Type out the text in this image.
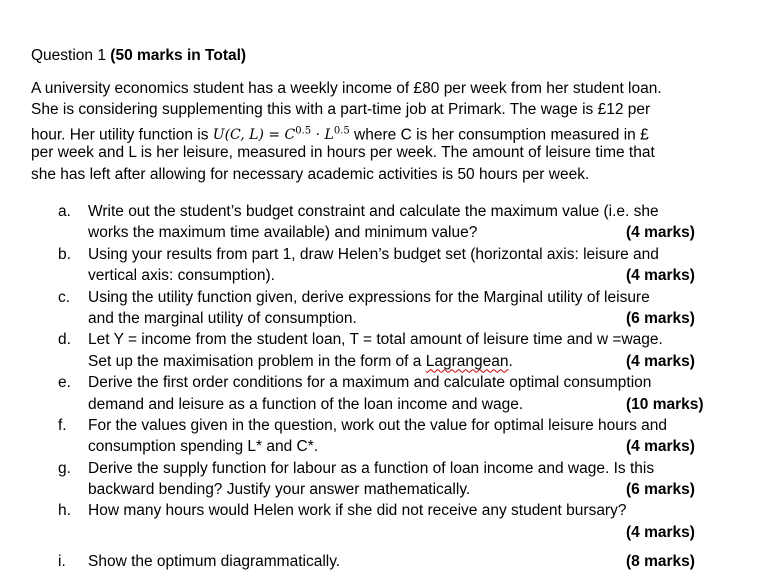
Question 1 (50 marks in Total)
A university economics student has a weekly income of £80 per week from her student loan.
She is considering supplementing this with a part-time job at Primark. The wage is £12 per
hour. Her utility function is U(C, $L) = C^{0.5} \cdot L^{0.5}$ where C is her consumption measured in £
per week and L is her leisure, measured in hours per week. The amount of leisure time that
she has left after allowing for necessary academic activities is 50 hours per week.
a. Write out the student’s budget constraint and calculate the maximum value (i.e. she
works the maximum time available) and minimum value?	(4 marks)
b. Using your results from part 1, draw Helen’s budget set (horizontal axis: leisure and
vertical axis: consumption).	(4 marks)
c. Using the utility function given, derive expressions for the Marginal utility of leisure
and the marginal utility of consumption.	(6 marks)
d. Let Y = income from the student loan, T = total amount of leisure time and w =wage.
Set up the maximisation problem in the form of a Lagrangean.	(4 marks)
e. Derive the first order conditions for a maximum and calculate optimal consumption
demand and leisure as a function of the loan income and wage.	(10 marks)
f. For the values given in the question, work out the value for optimal leisure hours and
consumption spending L* and C*.	(4 marks)
g. Derive the supply function for labour as a function of loan income and wage. Is this
backward bending? Justify your answer mathematically.	(6 marks)
h. How many hours would Helen work if she did not receive any student bursary?
(4 marks)
i. Show the optimum diagrammatically.	(8 marks)
